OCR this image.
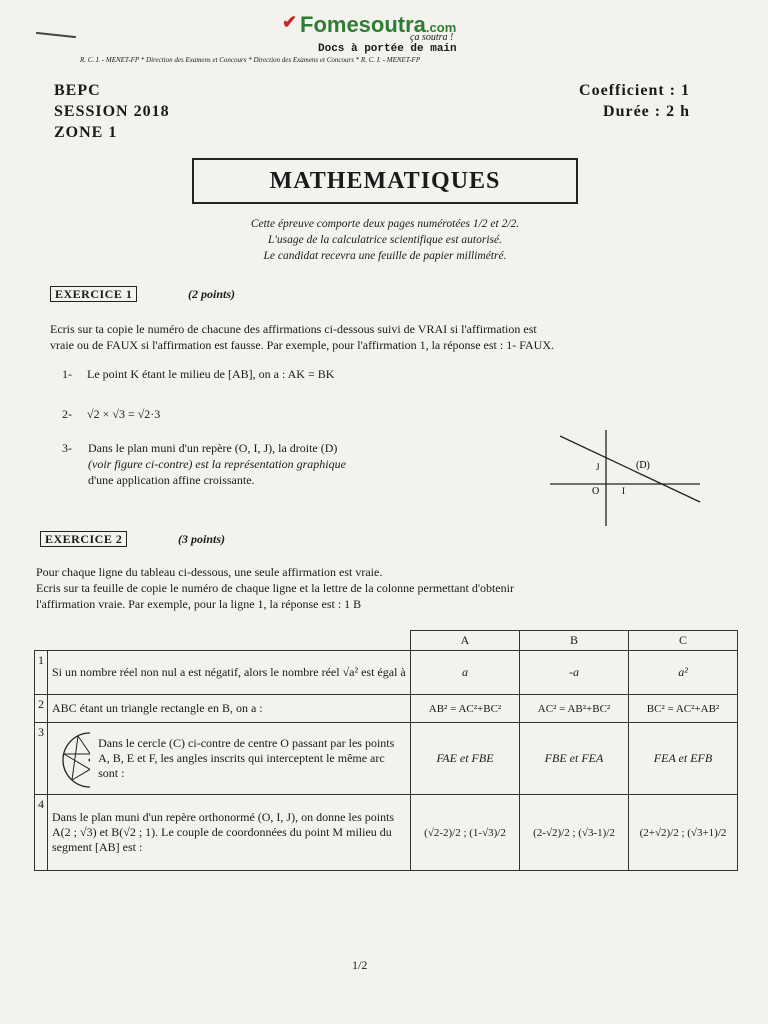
✔ Fomesoutra.com
ça soutra !
Docs à portée de main
R. C. I. - MENET-FP * Direction des Examens et Concours * Direction des Examens et Concours * R. C. I. - MENET-FP
BEPC
SESSION 2018
ZONE 1
Coefficient : 1
Durée : 2 h
MATHEMATIQUES
Cette épreuve comporte deux pages numérotées 1/2 et 2/2.
L'usage de la calculatrice scientifique est autorisé.
Le candidat recevra une feuille de papier millimétré.
EXERCICE 1	(2 points)
Ecris sur ta copie le numéro de chacune des affirmations ci-dessous suivi de VRAI si l'affirmation est
vraie ou de FAUX si l'affirmation est fausse. Par exemple, pour l'affirmation 1, la réponse est : 1- FAUX.
1- Le point K étant le milieu de [AB], on a : AK = BK
2- √2 × √3 = √2·3
3- Dans le plan muni d'un repère (O, I, J), la droite (D)
(voir figure ci-contre) est la représentation graphique
d'une application affine croissante.
O	I
J	(D)
EXERCICE 2	(3 points)
Pour chaque ligne du tableau ci-dessous, une seule affirmation est vraie.
Ecris sur ta feuille de copie le numéro de chaque ligne et la lettre de la colonne permettant d'obtenir
l'affirmation vraie. Par exemple, pour la ligne 1, la réponse est : 1 B
		A	B	C
1	Si un nombre réel non nul a est négatif, alors le nombre réel √a² est égal à	a	-a	a²
2	ABC étant un triangle rectangle en B, on a :	AB² = AC²+BC²	AC² = AB²+BC²	BC² = AC²+AB²
3	Dans le cercle (C) ci-contre de centre O passant par les points A, B, E et F, les angles inscrits qui interceptent le même arc sont :	FAE et FBE	FBE et FEA	FEA et EFB
4	Dans le plan muni d'un repère orthonormé (O, I, J), on donne les points A(2 ; √3) et B(√2 ; 1). Le couple de coordonnées du point M milieu du segment [AB] est :	(√2-2)/2 ; (1-√3)/2	(2-√2)/2 ; (√3-1)/2	(2+√2)/2 ; (√3+1)/2
1/2
